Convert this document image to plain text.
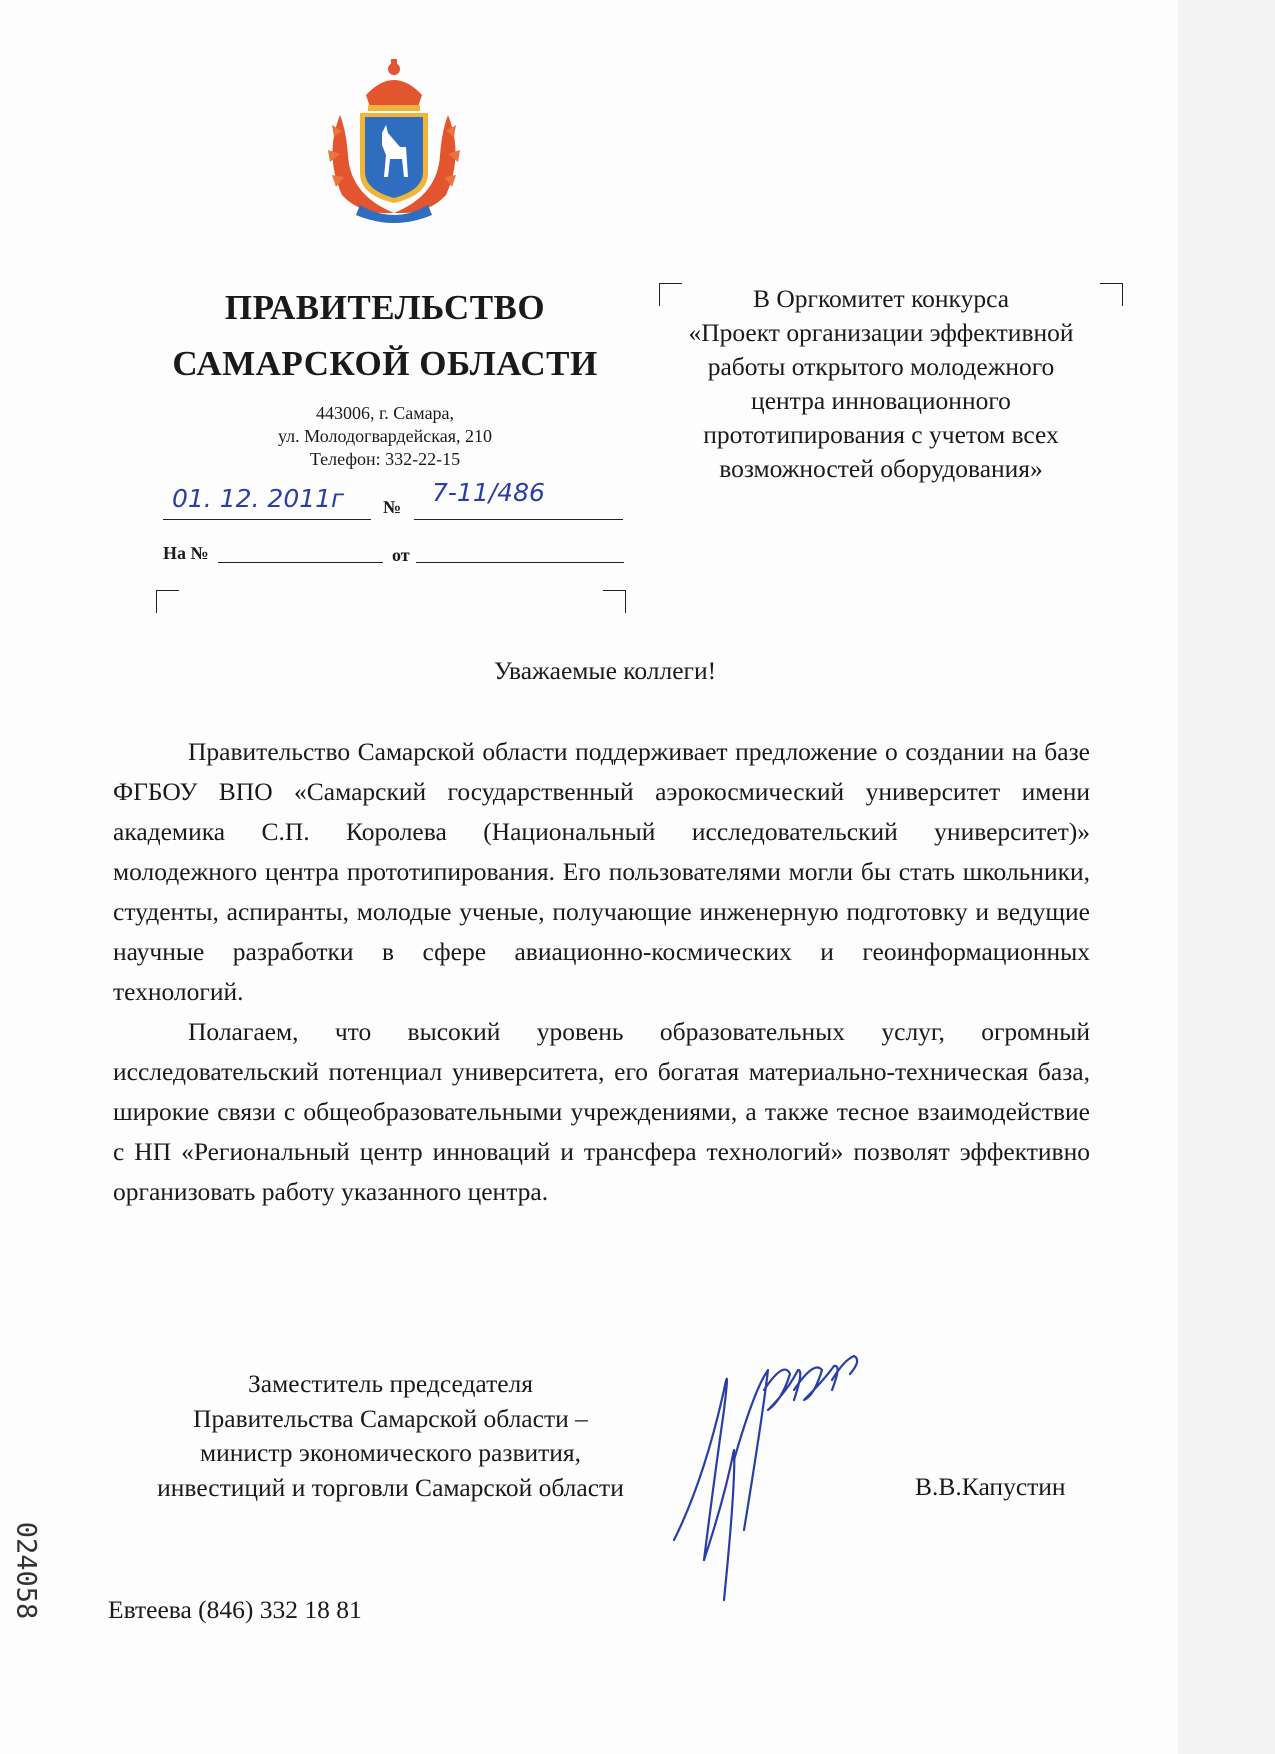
ПРАВИТЕЛЬСТВО
САМАРСКОЙ ОБЛАСТИ
443006, г. Самара,
ул. Молодогвардейская, 210
Телефон: 332-22-15
01. 12. 2011г № 7-11/486
На №	от
В Оргкомитет конкурса
«Проект организации эффективной
работы открытого молодежного
центра инновационного
прототипирования с учетом всех
возможностей оборудования»
Уважаемые коллеги!

Правительство Самарской области поддерживает предложение о создании на базе ФГБОУ ВПО «Самарский государственный аэрокосмический университет имени академика С.П. Королева (Национальный исследовательский университет)» молодежного центра прототипирования. Его пользователями могли бы стать школьники, студенты, аспиранты, молодые ученые, получающие инженерную подготовку и ведущие научные разработки в сфере авиационно-космических и геоинформационных технологий.

Полагаем, что высокий уровень образовательных услуг, огромный исследовательский потенциал университета, его богатая материально-техническая база, широкие связи с общеобразовательными учреждениями, а также тесное взаимодействие с НП «Региональный центр инноваций и трансфера технологий» позволят эффективно организовать работу указанного центра.

Заместитель председателя
Правительства Самарской области –
министр экономического развития,
инвестиций и торговли Самарской области	В.В.Капустин
Евтеева (846) 332 18 81
024058
